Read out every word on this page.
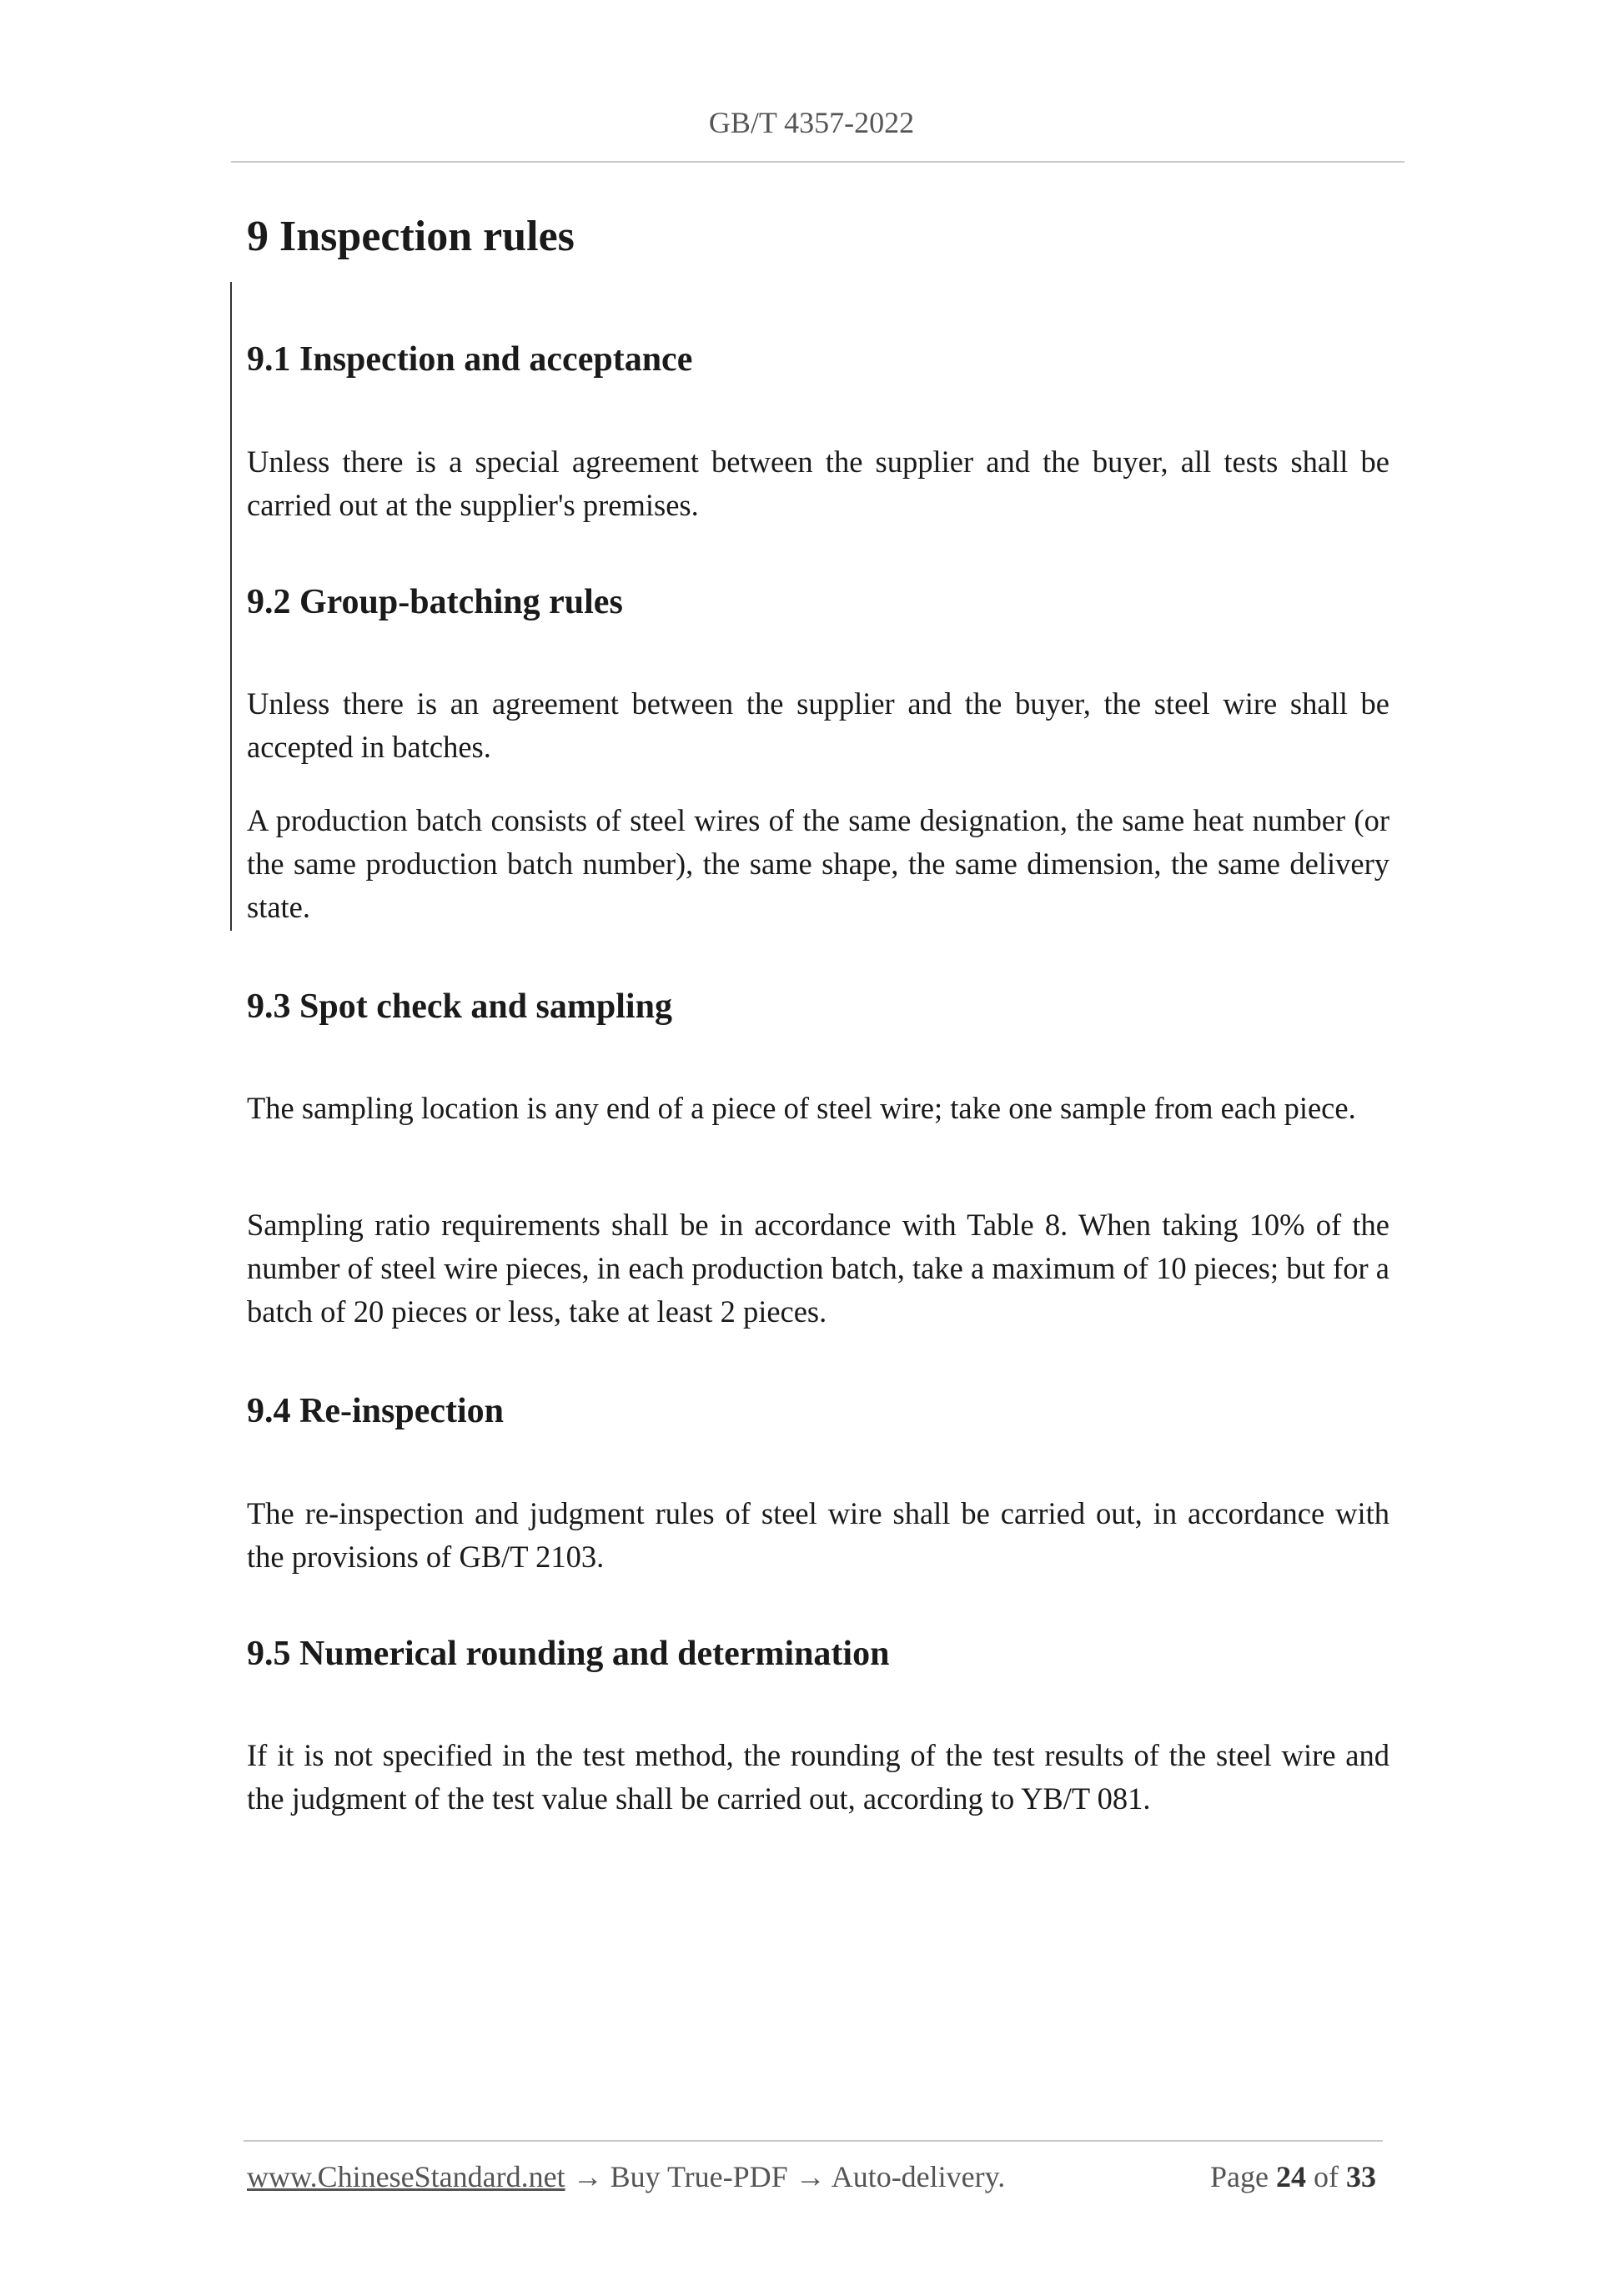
GB/T 4357-2022
9 Inspection rules
9.1 Inspection and acceptance
Unless there is a special agreement between the supplier and the buyer, all tests shall be carried out at the supplier's premises.
9.2 Group-batching rules
Unless there is an agreement between the supplier and the buyer, the steel wire shall be accepted in batches.
A production batch consists of steel wires of the same designation, the same heat number (or the same production batch number), the same shape, the same dimension, the same delivery state.
9.3 Spot check and sampling
The sampling location is any end of a piece of steel wire; take one sample from each piece.
Sampling ratio requirements shall be in accordance with Table 8. When taking 10% of the number of steel wire pieces, in each production batch, take a maximum of 10 pieces; but for a batch of 20 pieces or less, take at least 2 pieces.
9.4 Re-inspection
The re-inspection and judgment rules of steel wire shall be carried out, in accordance with the provisions of GB/T 2103.
9.5 Numerical rounding and determination
If it is not specified in the test method, the rounding of the test results of the steel wire and the judgment of the test value shall be carried out, according to YB/T 081.
www.ChineseStandard.net → Buy True-PDF → Auto-delivery.	Page 24 of 33
